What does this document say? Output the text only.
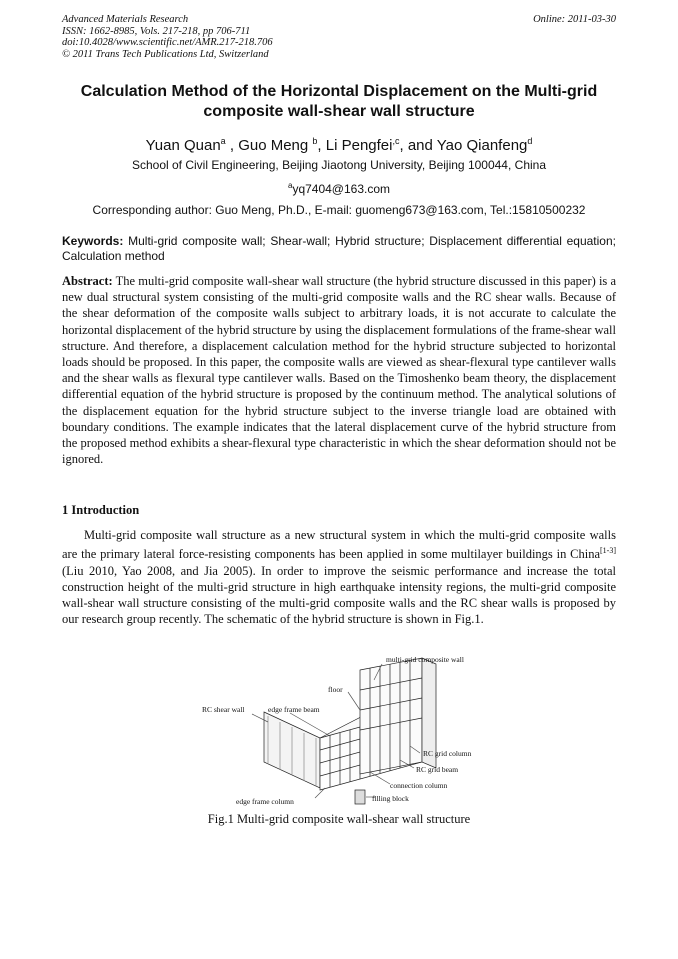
Advanced Materials Research	Online: 2011-03-30
ISSN: 1662-8985, Vols. 217-218, pp 706-711
doi:10.4028/www.scientific.net/AMR.217-218.706
© 2011 Trans Tech Publications Ltd, Switzerland
Calculation Method of the Horizontal Displacement on the Multi-grid composite wall-shear wall structure
Yuan Quan$^a$ , Guo Meng $^b$, Li Pengfei$^{,c}$, and Yao Qianfeng$^d$
School of Civil Engineering, Beijing Jiaotong University, Beijing 100044, China
$^a$yq7404@163.com
Corresponding author: Guo Meng, Ph.D., E-mail: guomeng673@163.com, Tel.:15810500232
Keywords: Multi-grid composite wall; Shear-wall; Hybrid structure; Displacement differential equation; Calculation method
Abstract: The multi-grid composite wall-shear wall structure (the hybrid structure discussed in this paper) is a new dual structural system consisting of the multi-grid composite walls and the RC shear walls. Because of the shear deformation of the composite walls subject to arbitrary loads, it is not accurate to calculate the horizontal displacement of the hybrid structure by using the displacement formulations of the frame-shear wall structure. And therefore, a displacement calculation method for the hybrid structure subjected to horizontal loads should be proposed. In this paper, the composite walls are viewed as shear-flexural type cantilever walls and the shear walls as flexural type cantilever walls. Based on the Timoshenko beam theory, the displacement differential equation of the hybrid structure is proposed by the continuum method. The analytical solutions of the displacement equation for the hybrid structure subject to the inverse triangle load are obtained with boundary conditions. The example indicates that the lateral displacement curve of the hybrid structure from the proposed method exhibits a shear-flexural type characteristic in which the shear deformation should not be ignored.
1 Introduction
Multi-grid composite wall structure as a new structural system in which the multi-grid composite walls are the primary lateral force-resisting components has been applied in some multilayer buildings in China[1-3] (Liu 2010, Yao 2008, and Jia 2005). In order to improve the seismic performance and increase the total construction height of the multi-grid structure in high earthquake intensity regions, the multi-grid composite wall-shear wall structure consisting of the multi-grid composite walls and the RC shear walls is proposed by our research group recently. The schematic of the hybrid structure is shown in Fig.1.
multi-grid composite wall
floor
RC shear wall	edge frame beam
RC grid column
RC grid beam
connection column
filling block
edge frame column
Fig.1 Multi-grid composite wall-shear wall structure
